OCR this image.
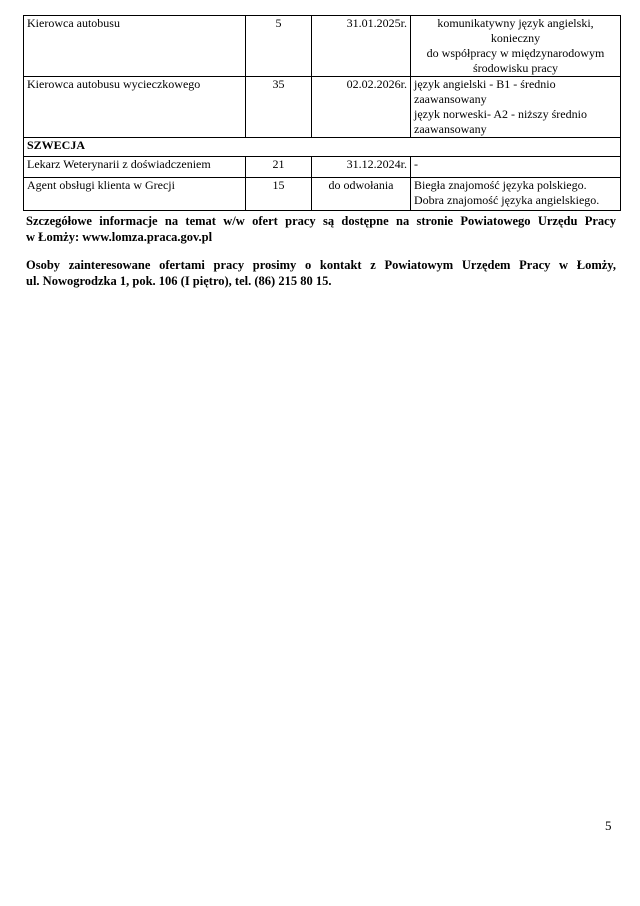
Kierowca autobusu	5	31.01.2025r.	komunikatywny język angielski, konieczny
do współpracy w międzynarodowym
środowisku pracy

Kierowca autobusu wycieczkowego	35	02.02.2026r.	język angielski - B1 - średnio
zaawansowany
język norweski- A2 - niższy średnio
zaawansowany

SZWECJA			
Lekarz Weterynarii z doświadczeniem	21	31.12.2024r.	-

Agent obsługi klienta w Grecji	15	do odwołania	Biegła znajomość języka polskiego.
Dobra znajomość języka angielskiego.

Szczegółowe informacje na temat w/w ofert pracy są dostępne na stronie Powiatowego Urzędu Pracy
w Łomży: www.lomza.praca.gov.pl

Osoby zainteresowane ofertami pracy prosimy o kontakt z Powiatowym Urzędem Pracy w Łomży,
ul. Nowogrodzka 1, pok. 106 (I piętro), tel. (86) 215 80 15.

5
